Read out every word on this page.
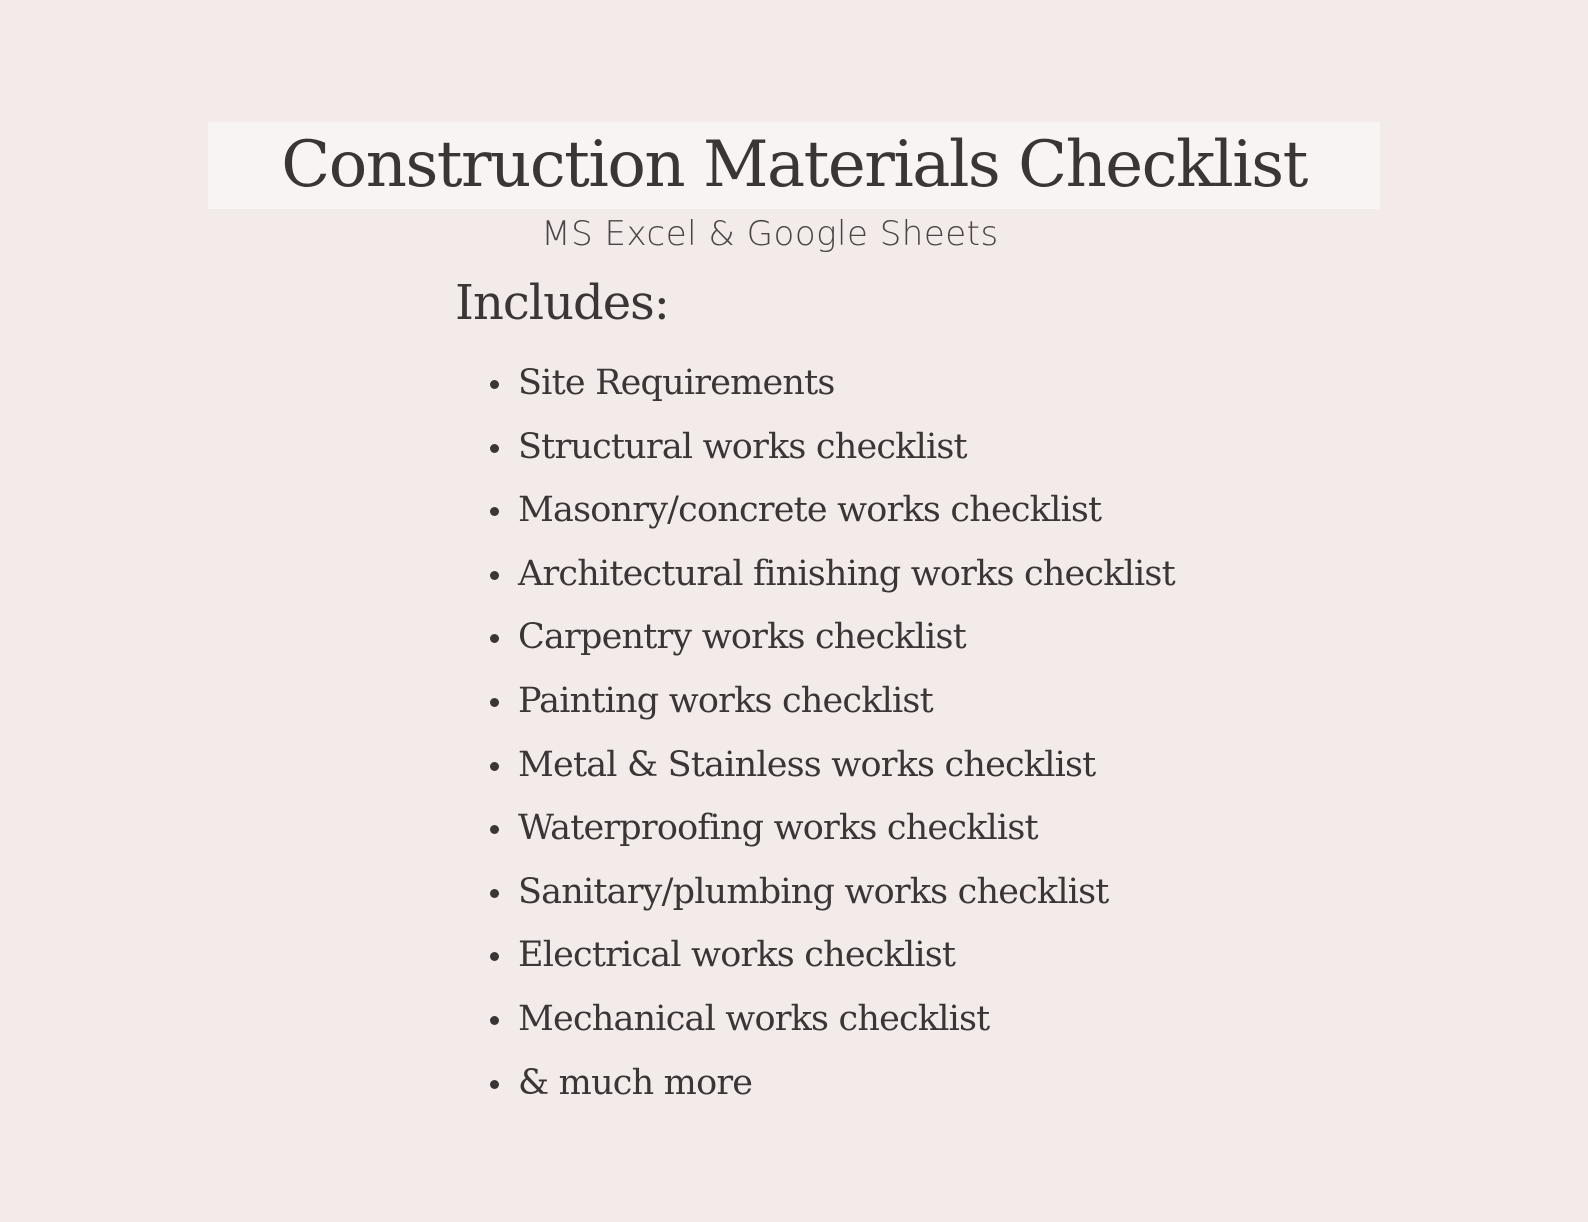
Construction Materials Checklist

MS Excel & Google Sheets

Includes:
Site Requirements
Structural works checklist
Masonry/concrete works checklist
Architectural finishing works checklist
Carpentry works checklist
Painting works checklist
Metal & Stainless works checklist
Waterproofing works checklist
Sanitary/plumbing works checklist
Electrical works checklist
Mechanical works checklist
& much more
